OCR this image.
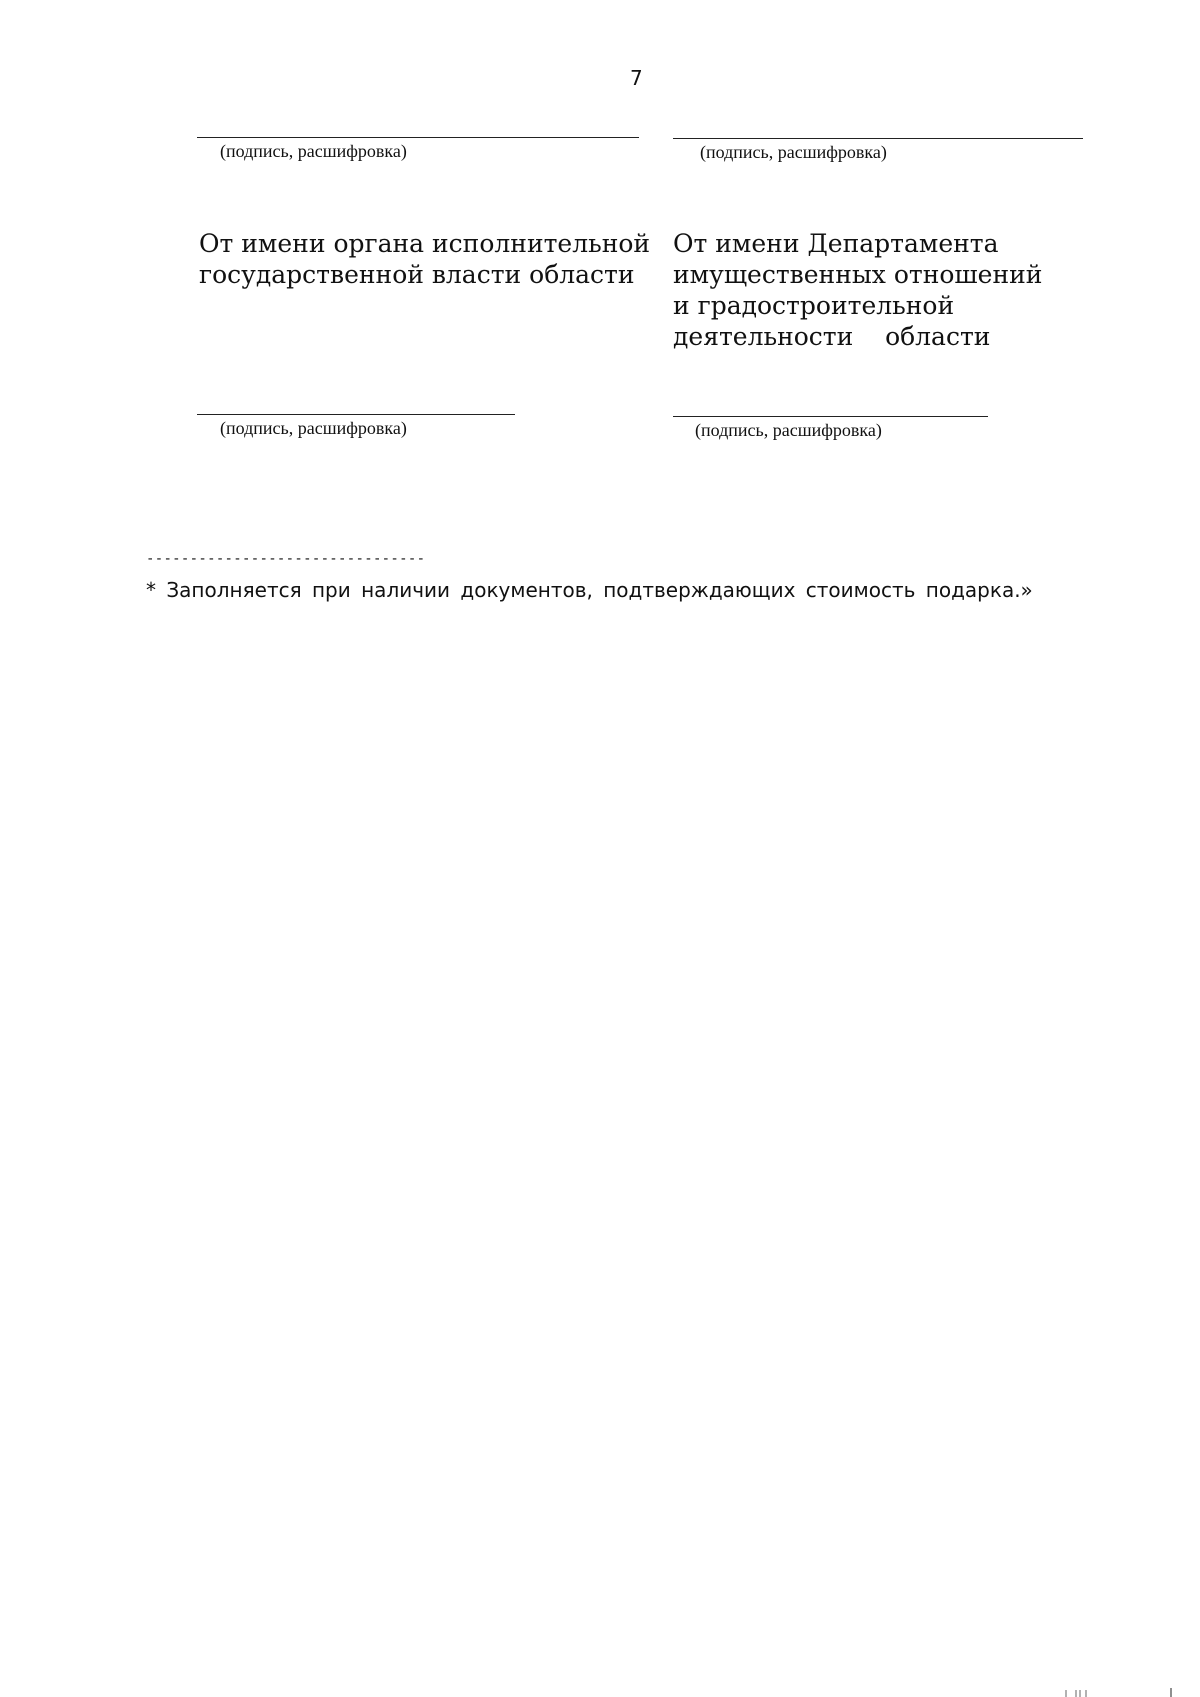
7
(подпись, расшифровка)	(подпись, расшифровка)
От имени органа исполнительной
государственной власти области
От имени Департамента
имущественных отношений
и градостроительной
деятельности    области
(подпись, расшифровка)	(подпись, расшифровка)
--------------------------------
* Заполняется при наличии документов, подтверждающих стоимость подарка.»
